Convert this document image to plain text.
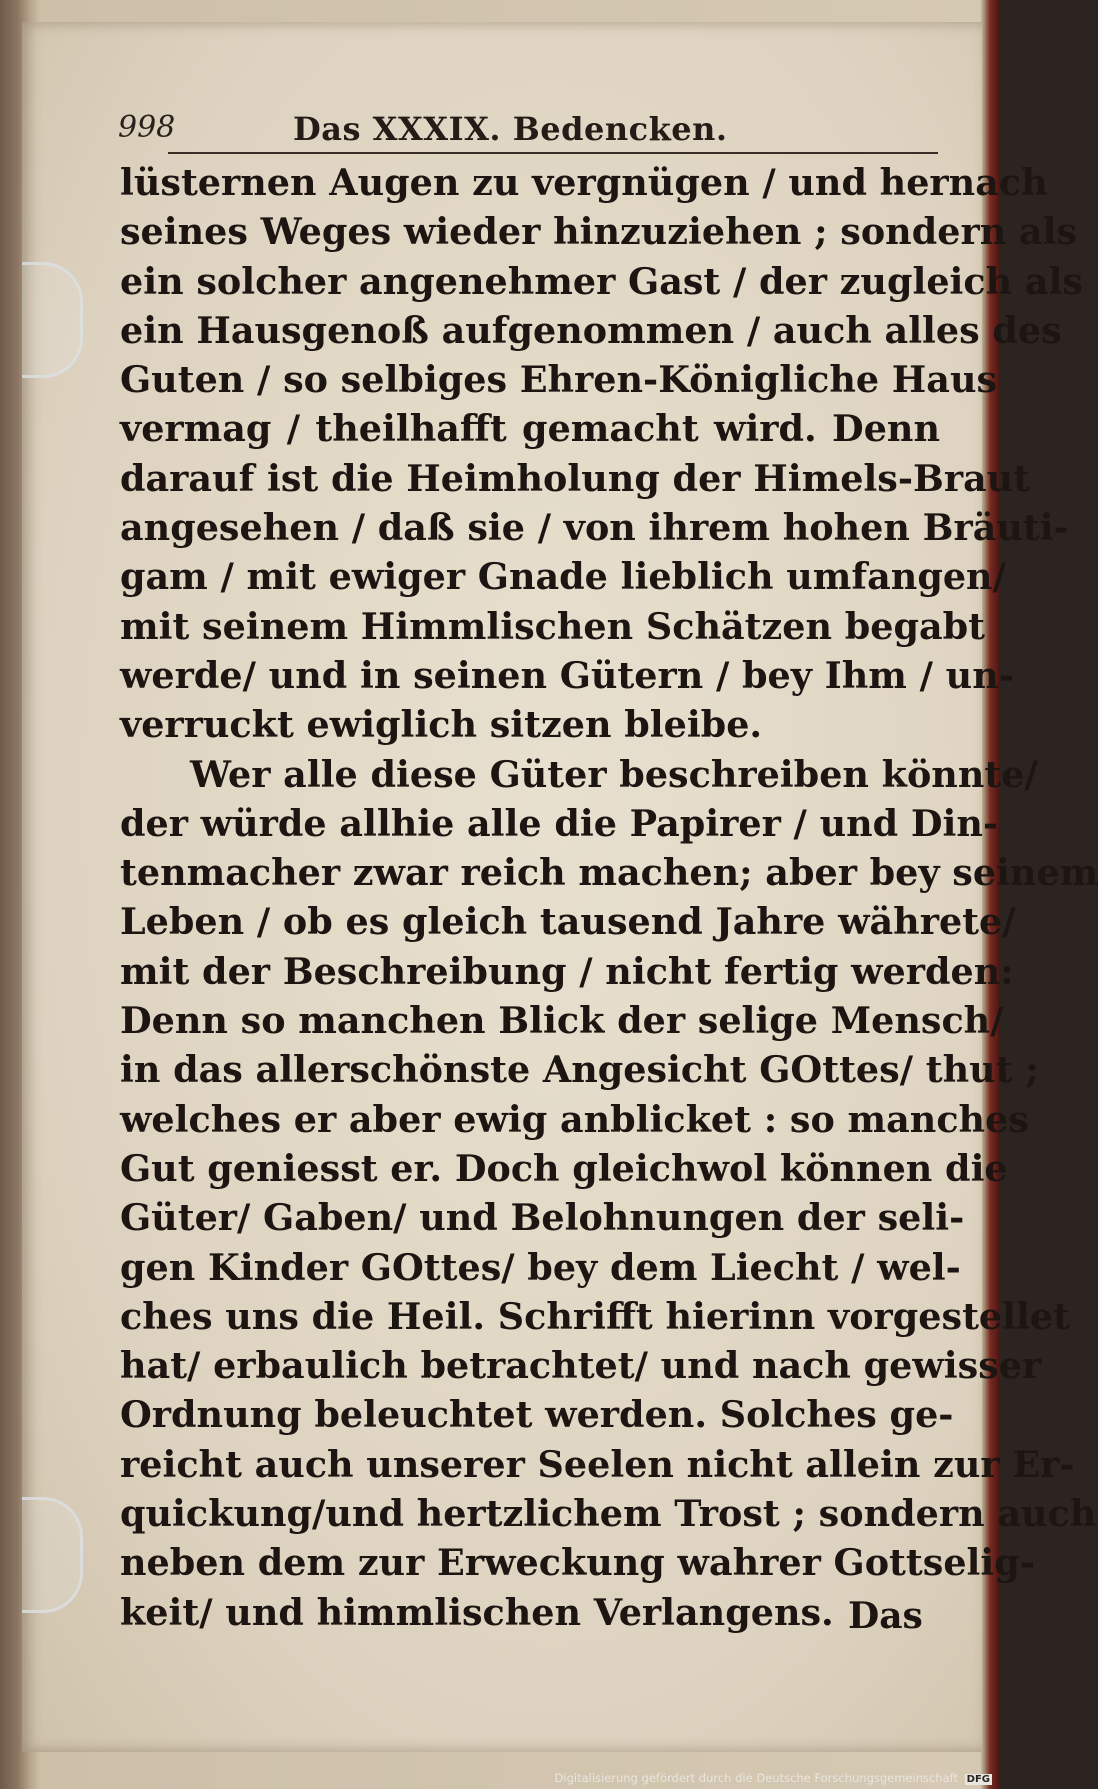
998	Das XXXIX. Bedencken.
lüsternen Augen zu vergnügen / und hernach
seines Weges wieder hinzuziehen ; sondern als
ein solcher angenehmer Gast / der zugleich als
ein Hausgenoß aufgenommen / auch alles des
Guten / so selbiges Ehren-Königliche Haus
vermag / theilhafft gemacht wird. Denn
darauf ist die Heimholung der Himels-Braut
angesehen / daß sie / von ihrem hohen Bräuti-
gam / mit ewiger Gnade lieblich umfangen/
mit seinem Himmlischen Schätzen begabt
werde/ und in seinen Gütern / bey Ihm / un-
verruckt ewiglich sitzen bleibe.
Wer alle diese Güter beschreiben könnte/
der würde allhie alle die Papirer / und Din-
tenmacher zwar reich machen; aber bey seinem
Leben / ob es gleich tausend Jahre währete/
mit der Beschreibung / nicht fertig werden:
Denn so manchen Blick der selige Mensch/
in das allerschönste Angesicht GOttes/ thut ;
welches er aber ewig anblicket : so manches
Gut geniesst er. Doch gleichwol können die
Güter/ Gaben/ und Belohnungen der seli-
gen Kinder GOttes/ bey dem Liecht / wel-
ches uns die Heil. Schrifft hierinn vorgestellet
hat/ erbaulich betrachtet/ und nach gewisser
Ordnung beleuchtet werden. Solches ge-
reicht auch unserer Seelen nicht allein zur Er-
quickung/und hertzlichem Trost ; sondern auch
neben dem zur Erweckung wahrer Gottselig-
keit/ und himmlischen Verlangens. Das
Digitalisierung gefördert durch die Deutsche Forschungsgemeinschaft DFG
